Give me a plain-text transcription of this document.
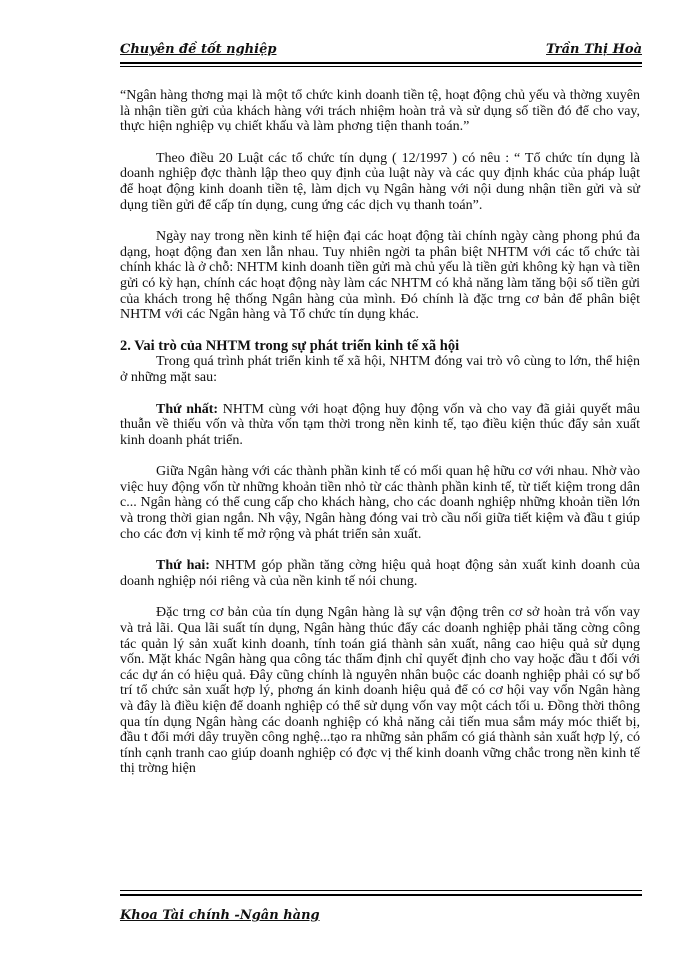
Chuyên đề tốt nghiệp	Trần Thị Hoà

“Ngân hàng thơng mại là một tổ chức kinh doanh tiền tệ, hoạt động chủ yếu và thờng xuyên là nhận tiền gửi của khách hàng với trách nhiệm hoàn trả và sử dụng số tiền đó để cho vay, thực hiện nghiệp vụ chiết khấu và làm phơng tiện thanh toán.”

Theo điều 20 Luật các tổ chức tín dụng ( 12/1997 ) có nêu : “ Tổ chức tín dụng là doanh nghiệp đợc thành lập theo quy định của luật này và các quy định khác của pháp luật để hoạt động kinh doanh tiền tệ, làm dịch vụ Ngân hàng với nội dung nhận tiền gửi và sử dụng tiền gửi để cấp tín dụng, cung ứng các dịch vụ thanh toán”.

Ngày nay trong nền kinh tế hiện đại các hoạt động tài chính ngày càng phong phú đa dạng, hoạt động đan xen lẫn nhau. Tuy nhiên ngời ta phân biệt NHTM với các tổ chức tài chính khác là ở chỗ: NHTM kinh doanh tiền gửi mà chủ yếu là tiền gửi không kỳ hạn và tiền gửi có kỳ hạn, chính các hoạt động này làm các NHTM có khả năng làm tăng bội số tiền gửi của khách trong hệ thống Ngân hàng của mình. Đó chính là đặc trng cơ bản để phân biệt NHTM với các Ngân hàng và Tổ chức tín dụng khác.

2. Vai trò của NHTM trong sự phát triển kinh tế xã hội

Trong quá trình phát triển kinh tế xã hội, NHTM đóng vai trò vô cùng to lớn, thể hiện ở những mặt sau:

Thứ nhất: NHTM cùng với hoạt động huy động vốn và cho vay đã giải quyết mâu thuẫn về thiếu vốn và thừa vốn tạm thời trong nền kinh tế, tạo điều kiện thúc đẩy sản xuất kinh doanh phát triển.

Giữa Ngân hàng với các thành phần kinh tế có mối quan hệ hữu cơ với nhau. Nhờ vào việc huy động vốn từ những khoản tiền nhỏ từ các thành phần kinh tế, từ tiết kiệm trong dân c... Ngân hàng có thể cung cấp cho khách hàng, cho các doanh nghiệp những khoản tiền lớn và trong thời gian ngắn. Nh vậy, Ngân hàng đóng vai trò cầu nối giữa tiết kiệm và đầu t giúp cho các đơn vị kinh tế mở rộng và phát triển sản xuất.

Thứ hai: NHTM góp phần tăng cờng hiệu quả hoạt động sản xuất kinh doanh của doanh nghiệp nói riêng và của nền kinh tế nói chung.

Đặc trng cơ bản của tín dụng Ngân hàng là sự vận động trên cơ sở hoàn trả vốn vay và trả lãi. Qua lãi suất tín dụng, Ngân hàng thúc đẩy các doanh nghiệp phải tăng cờng công tác quản lý sản xuất kinh doanh, tính toán giá thành sản xuất, nâng cao hiệu quả sử dụng vốn. Mặt khác Ngân hàng qua công tác thẩm định chỉ quyết định cho vay hoặc đầu t đối với các dự án có hiệu quả. Đây cũng chính là nguyên nhân buộc các doanh nghiệp phải có sự bố trí tổ chức sản xuất hợp lý, phơng án kinh doanh hiệu quả để có cơ hội vay vốn Ngân hàng và đây là điều kiện để doanh nghiệp có thể sử dụng vốn vay một cách tối u. Đồng thời thông qua tín dụng Ngân hàng các doanh nghiệp có khả năng cải tiến mua sắm máy móc thiết bị, đầu t đổi mới dây truyền công nghệ...tạo ra những sản phẩm có giá thành sản xuất hợp lý, có tính cạnh tranh cao giúp doanh nghiệp có đợc vị thế kinh doanh vững chắc trong nền kinh tế thị trờng hiện

Khoa Tài chính -Ngân hàng
